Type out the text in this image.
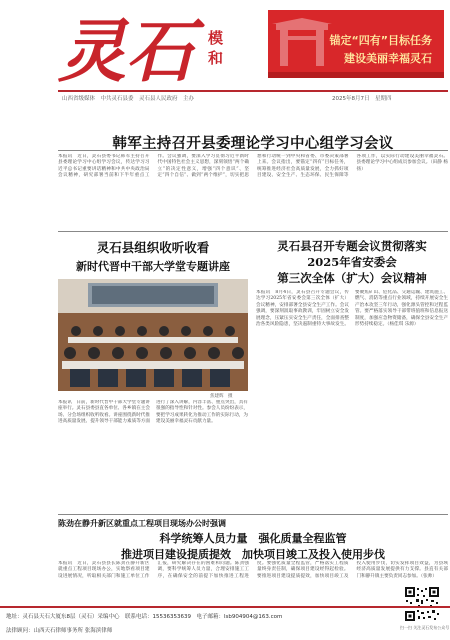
灵石 模
和
锚定“四有”目标任务
建设美丽幸福灵石
山西省级媒体　中共灵石县委　灵石县人民政府　主办	2025年8月7日　星期四
韩军主持召开县委理论学习中心组学习会议
本报讯　近日，灵石县委书记韩军主持召开县委理论学习中心组学习会议，传达学习习近平总书记重要讲话精神和中共中央政治局会议精神，研究部署当前和下半年重点工作。会议强调，要深入学习贯彻习近平新时代中国特色社会主义思想，深刻领悟“两个确立”的决定性意义，增强“四个意识”、坚定“四个自信”、做到“两个维护”，切实把思想和行动统一到中央和省委、市委决策部署上来。会议指出，要锚定“四有”目标任务，统筹推进经济社会高质量发展，全力抓好项目建设、安全生产、生态环保、民生保障等各项工作，以实际行动建设美丽幸福灵石。县委理论学习中心组成员参加会议。（田静 杨扬）
灵石县组织收听收看
新时代晋中干部大学堂专题讲座
焦建辉　摄
本报讯　日前，新时代晋中干部大学堂专题讲座举行。灵石县委县直各单位、各乡镇在主会场、分会场组织收听收看。讲座围绕新时代推进高质量发展、提升领导干部能力素质等方面进行了深入讲解，内容丰富、重点突出，具有很强的指导性和针对性。参会人员纷纷表示，要把学习成果转化为推动工作的实际行动，为建设美丽幸福灵石贡献力量。
灵石县召开专题会议贯彻落实
2025年省安委会
第三次全体（扩大）会议精神
本报讯　8月4日，灵石县召开专题会议，传达学习2025年省安委会第三次全体（扩大）会议精神，安排部署全县安全生产工作。会议强调，要深刻汲取事故教训，牢固树立安全发展理念，压紧压实安全生产责任，全面排查整治各类风险隐患，坚决遏制重特大事故发生。要聚焦矿山、危化品、交通运输、建筑施工、燃气、消防等重点行业领域，持续开展安全生产治本攻坚三年行动，强化源头管控和过程监管。要严格落实领导干部带班值班和信息报送制度，加强应急物资储备，确保全县安全生产形势持续稳定。（杨佳琪 乐源）
陈劲在静升新区就重点工程项目现场办公时强调
科学统筹人员力量　强化质量全程监管
推进项目建设提质提效　加快项目竣工及投入使用步伐
本报讯　近日，灵石县县长陈劲在静升新区就重点工程项目现场办公，实地察看项目建设进展情况，听取相关部门和施工单位工作汇报，研究解决存在的困难和问题。陈劲强调，要科学统筹人员力量，合理安排施工工序，在确保安全的前提下加快推进工程进度。要强化质量全程监管，严格落实工程质量终身责任制，确保项目建设经得起检验。要推进项目建设提质提效，加快项目竣工及投入使用步伐，切实发挥项目效益，为县域经济高质量发展提供有力支撑。县直有关部门和静升镇主要负责同志参加。（张帅）
扫一扫 关注灵石发布公众号
地址：灵石县天石大厦东8层（灵石）采编中心　联系电话：15536353639　电子邮箱：lsb904904@163.com
法律顾问：山西天石律师事务所 张海滨律师
